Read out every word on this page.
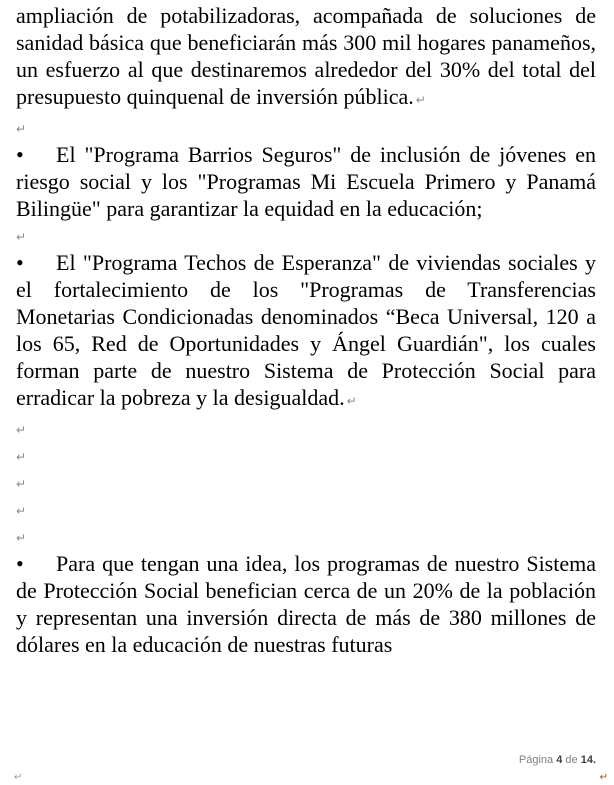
ampliación de potabilizadoras, acompañada de soluciones de sanidad básica que beneficiarán más 300 mil hogares panameños, un esfuerzo al que destinaremos alrededor del 30% del total del presupuesto quinquenal de inversión pública. ↵

↵

• El "Programa Barrios Seguros" de inclusión de jóvenes en riesgo social y los "Programas Mi Escuela Primero y Panamá Bilingüe" para garantizar la equidad en la educación;

↵

• El "Programa Techos de Esperanza" de viviendas sociales y el fortalecimiento de los "Programas de Transferencias Monetarias Condicionadas denominados “Beca Universal, 120 a los 65, Red de Oportunidades y Ángel Guardián", los cuales forman parte de nuestro Sistema de Protección Social para erradicar la pobreza y la desigualdad. ↵

↵
↵
↵
↵
↵

• Para que tengan una idea, los programas de nuestro Sistema de Protección Social benefician cerca de un 20% de la población y representan una inversión directa de más de 380 millones de dólares en la educación de nuestras futuras

Página 4 de 14.
↵	↵
